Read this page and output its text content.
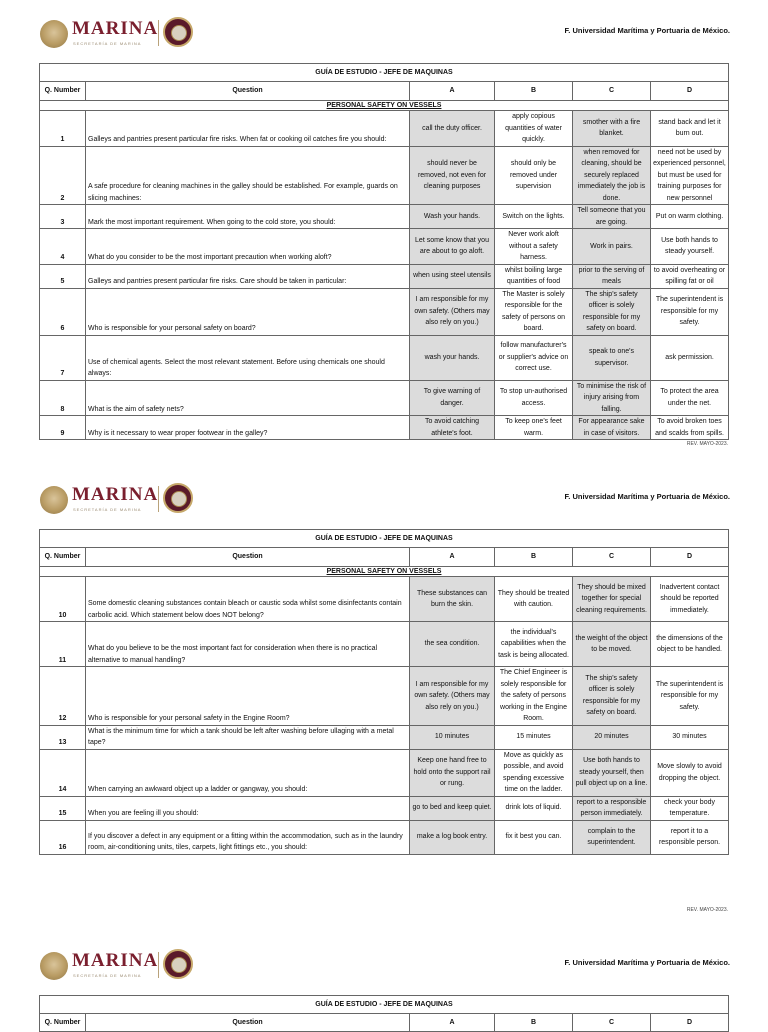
MARINA
SECRETARÍA DE MARINA
F. Universidad Marítima y Portuaria de México.
GUÍA DE ESTUDIO - JEFE DE MAQUINAS					
Q. Number	Question	A	B	C	D
PERSONAL SAFETY ON VESSELS					
1	Galleys and pantries present particular fire risks. When fat or cooking oil catches fire you should:	call the duty officer.	apply copious quantities of water quickly.	smother with a fire blanket.	stand back and let it burn out.
2	A safe procedure for cleaning machines in the galley should be established. For example, guards on slicing machines:	should never be removed, not even for cleaning purposes	should only be removed under supervision	when removed for cleaning, should be securely replaced immediately the job is done.	need not be used by experienced personnel, but must be used for training purposes for new personnel
3	Mark the most important requirement. When going to the cold store, you should:	Wash your hands.	Switch on the lights.	Tell someone that you are going.	Put on warm clothing.
4	What do you consider to be the most important precaution when working aloft?	Let some know that you are about to go aloft.	Never work aloft without a safety harness.	Work in pairs.	Use both hands to steady yourself.
5	Galleys and pantries present particular fire risks. Care should be taken in particular:	when using steel utensils	whilst boiling large quantities of food	prior to the serving of meals	to avoid overheating or spilling fat or oil
6	Who is responsible for your personal safety on board?	I am responsible for my own safety. (Others may also rely on you.)	The Master is solely responsible for the safety of persons on board.	The ship's safety officer is solely responsible for my safety on board.	The superintendent is responsible for my safety.
7	Use of chemical agents. Select the most relevant statement. Before using chemicals one should always:	wash your hands.	follow manufacturer's or supplier's advice on correct use.	speak to one's supervisor.	ask permission.
8	What is the aim of safety nets?	To give warning of danger.	To stop un-authorised access.	To minimise the risk of injury arising from falling.	To protect the area under the net.
9	Why is it necessary to wear proper footwear in the galley?	To avoid catching athlete's foot.	To keep one's feet warm.	For appearance sake in case of visitors.	To avoid broken toes and scalds from spills.
REV. MAYO-2023.
MARINA
SECRETARÍA DE MARINA
F. Universidad Marítima y Portuaria de México.
GUÍA DE ESTUDIO - JEFE DE MAQUINAS					
Q. Number	Question	A	B	C	D
PERSONAL SAFETY ON VESSELS					
10	Some domestic cleaning substances contain bleach or caustic soda whilst some disinfectants contain carbolic acid. Which statement below does NOT belong?	These substances can burn the skin.	They should be treated with caution.	They should be mixed together for special cleaning requirements.	Inadvertent contact should be reported immediately.
11	What do you believe to be the most important fact for consideration when there is no practical alternative to manual handling?	the sea condition.	the individual's capabilities when the task is being allocated.	the weight of the object to be moved.	the dimensions of the object to be handled.
12	Who is responsible for your personal safety in the Engine Room?	I am responsible for my own safety. (Others may also rely on you.)	The Chief Engineer is solely responsible for the safety of persons working in the Engine Room.	The ship's safety officer is solely responsible for my safety on board.	The superintendent is responsible for my safety.
13	What is the minimum time for which a tank should be left after washing before ullaging with a metal tape?	10 minutes	15 minutes	20 minutes	30 minutes
14	When carrying an awkward object up a ladder or gangway, you should:	Keep one hand free to hold onto the support rail or rung.	Move as quickly as possible, and avoid spending excessive time on the ladder.	Use both hands to steady yourself, then pull object up on a line.	Move slowly to avoid dropping the object.
15	When you are feeling ill you should:	go to bed and keep quiet.	drink lots of liquid.	report to a responsible person immediately.	check your body temperature.
16	If you discover a defect in any equipment or a fitting within the accommodation, such as in the laundry room, air-conditioning units, tiles, carpets, light fittings etc., you should:	make a log book entry.	fix it best you can.	complain to the superintendent.	report it to a responsible person.
REV. MAYO-2023.
MARINA
SECRETARÍA DE MARINA
F. Universidad Marítima y Portuaria de México.
GUÍA DE ESTUDIO - JEFE DE MAQUINAS
Q. Number	Question	A	B	C	D
